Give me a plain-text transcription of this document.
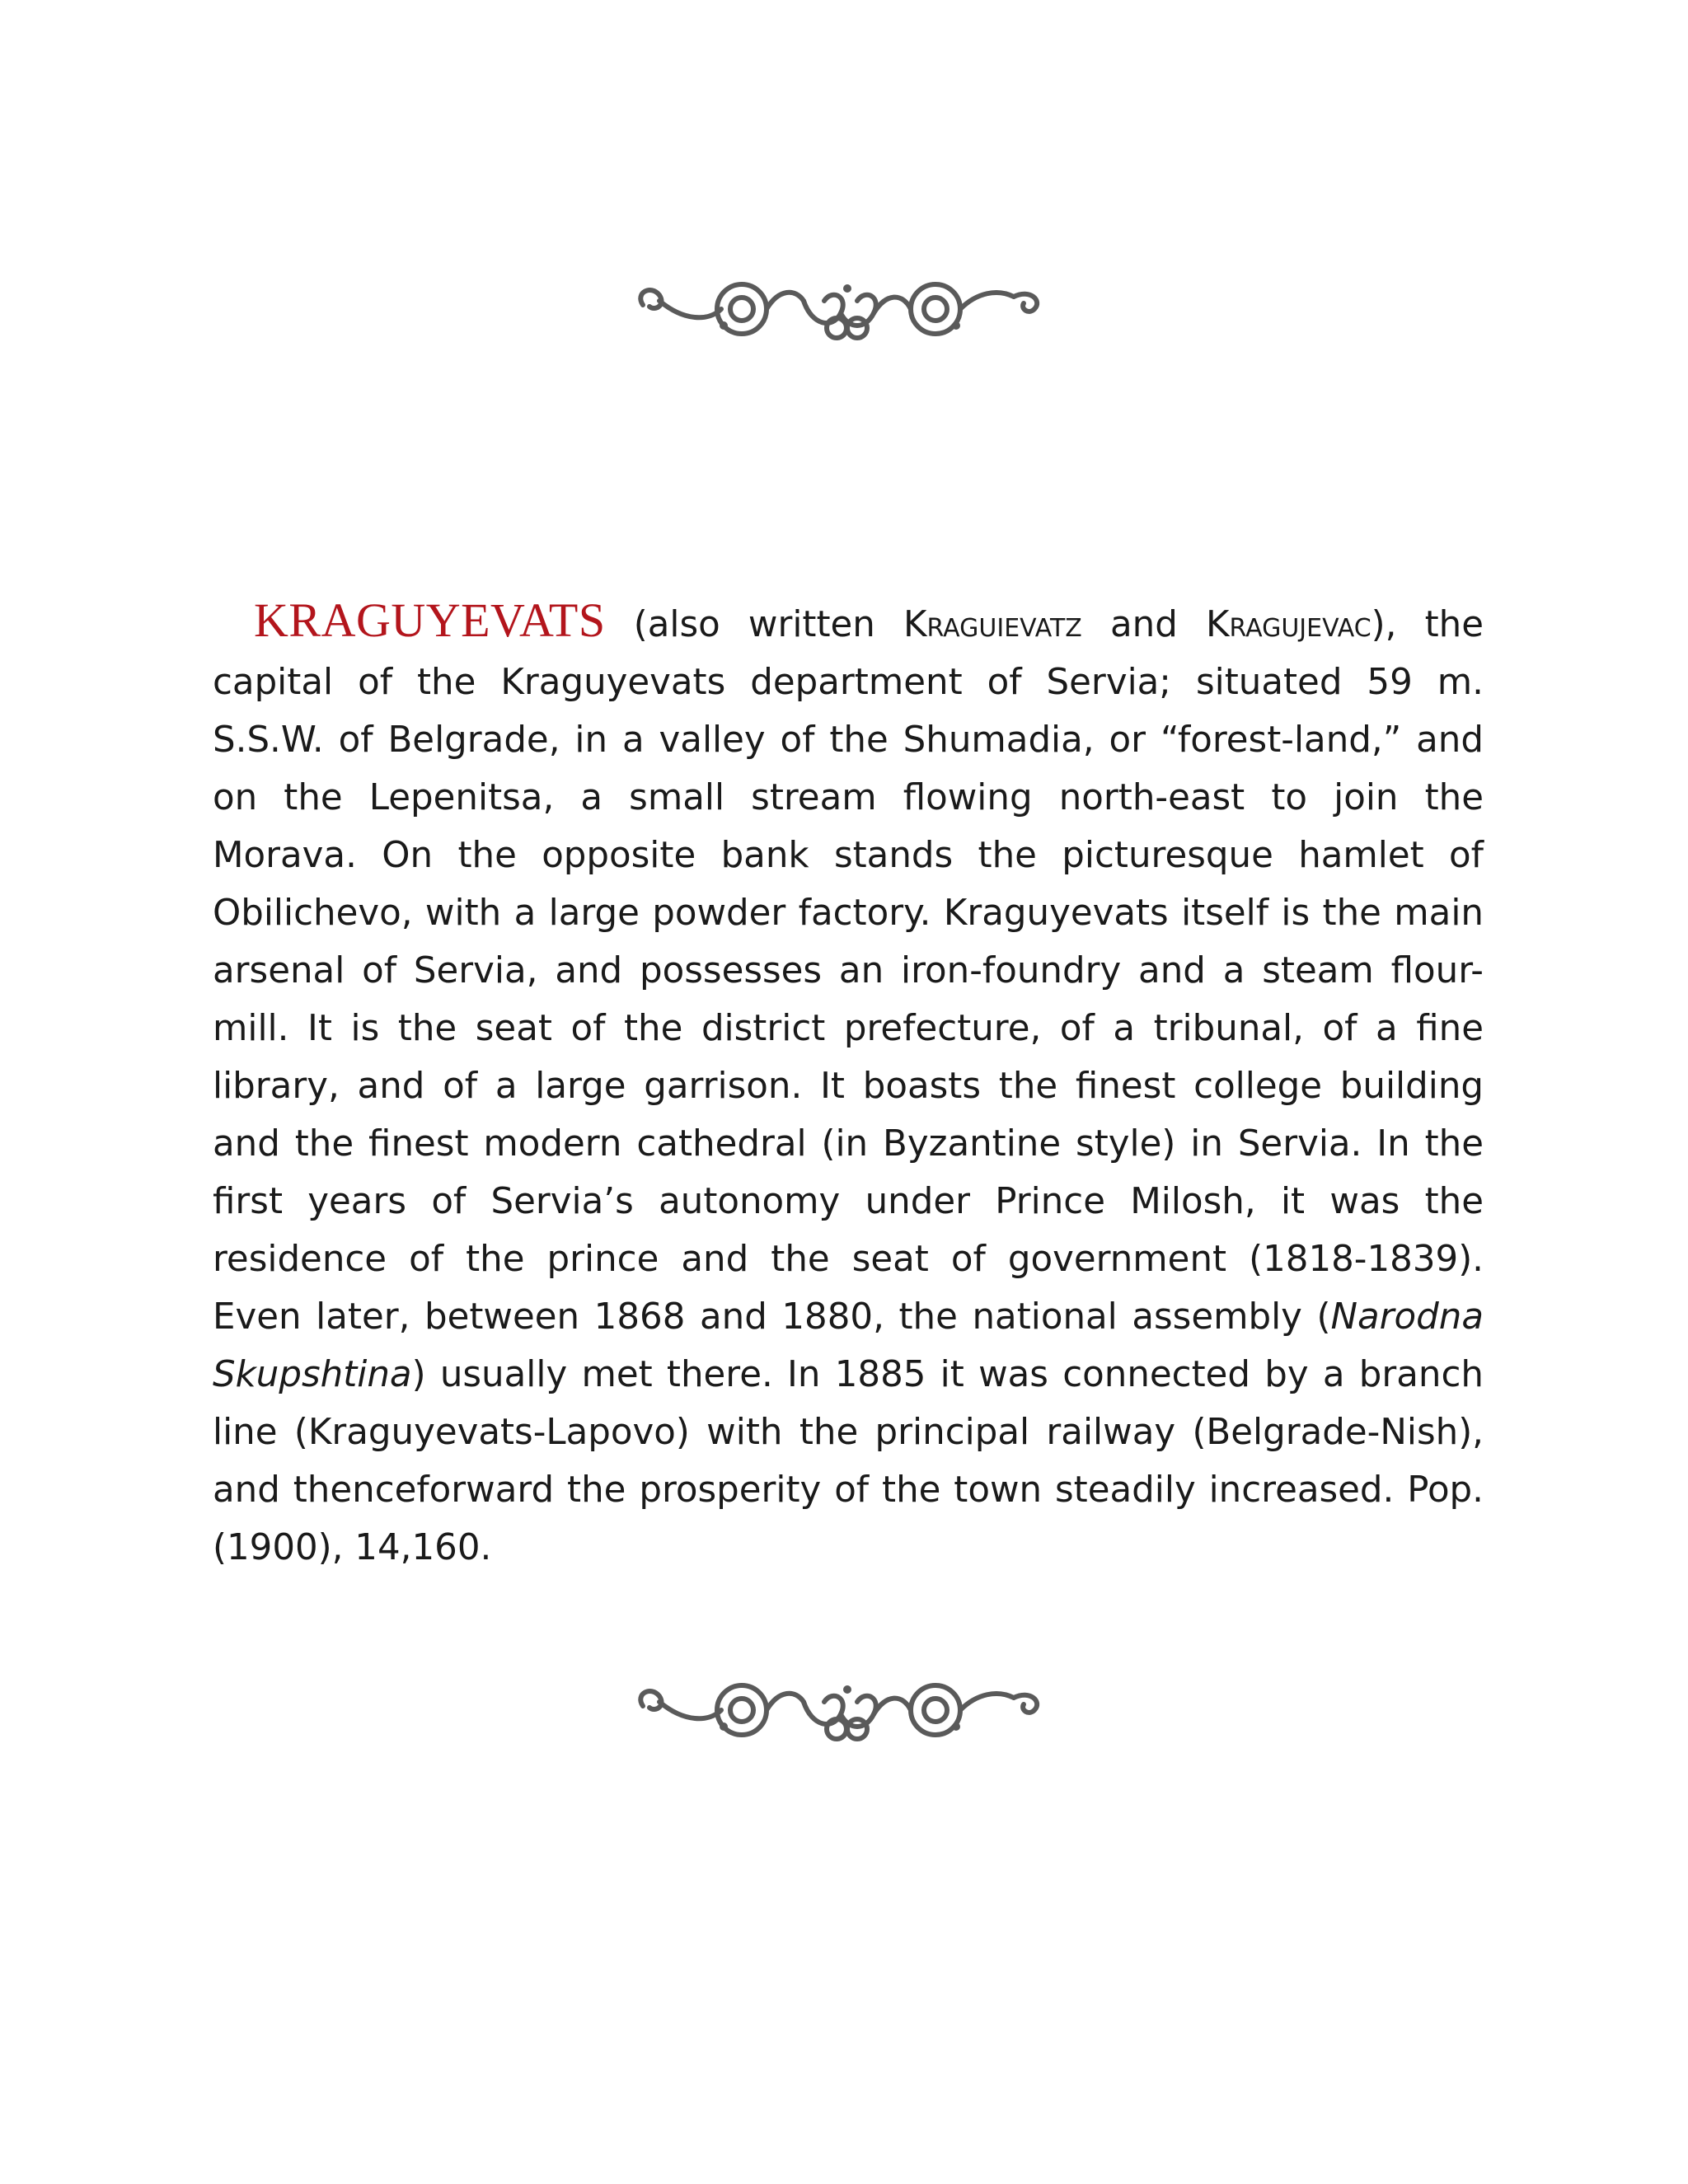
KRAGUYEVATS (also written Kraguievatz and Kragujevac), the capital of the Kraguyevats department of Servia; situated 59 m. S.S.W. of Belgrade, in a valley of the Shumadia, or “forest-land,” and on the Lepenitsa, a small stream flowing north-east to join the Morava. On the opposite bank stands the picturesque hamlet of Obilichevo, with a large powder factory. Kraguyevats itself is the main arsenal of Servia, and possesses an iron-foundry and a steam flour-mill. It is the seat of the district prefecture, of a tribunal, of a fine library, and of a large garrison. It boasts the finest college building and the finest modern cathedral (in Byzantine style) in Servia. In the first years of Servia’s autonomy under Prince Milosh, it was the residence of the prince and the seat of government (1818-1839). Even later, between 1868 and 1880, the national assembly (Narodna Skupshtina) usually met there. In 1885 it was connected by a branch line (Kraguyevats-Lapovo) with the principal railway (Belgrade-Nish), and thenceforward the prosperity of the town steadily increased. Pop. (1900), 14,160.
